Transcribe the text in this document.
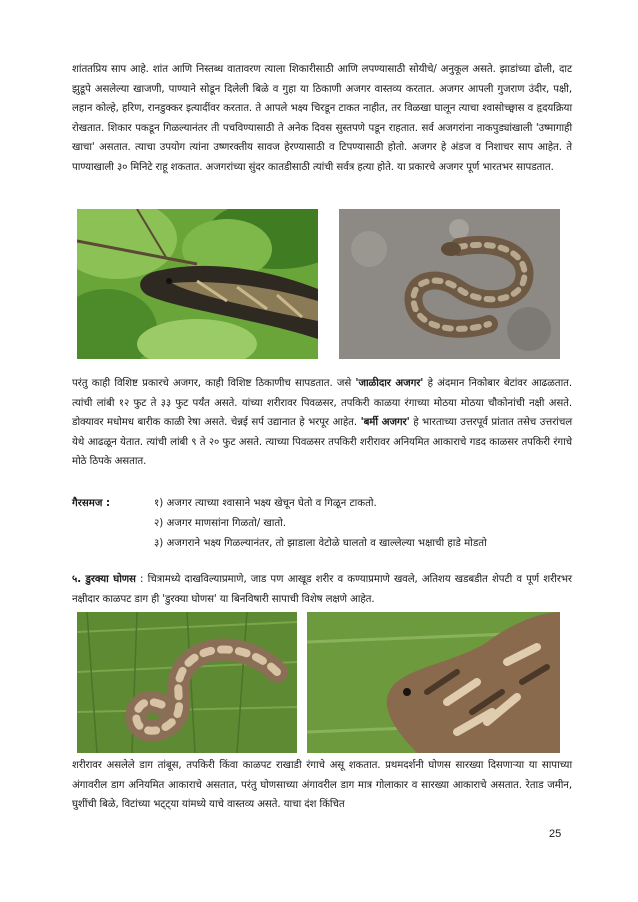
शांततप्रिय साप आहे. शांत आणि निस्तब्ध वातावरण त्याला शिकारीसाठी आणि लपण्यासाठी सोयीचे/ अनुकूल असते. झाडांच्या ढोली, दाट झुडूपे असलेल्या खाजणी, पाण्याने सोडून दिलेली बिळे व गुहा या ठिकाणी अजगर वास्तव्य करतात. अजगर आपली गुजराण उंदीर, पक्षी, लहान कोल्हे, हरिण, रानडुक्कर इत्यादींवर करतात. ते आपले भक्ष्य चिरडून टाकत नाहीत, तर विळखा घालून त्याचा श्वासोच्छ्वास व हृदयक्रिया रोखतात. शिकार पकडून गिळल्यानंतर ती पचविण्यासाठी ते अनेक दिवस सुस्तपणे पडून राहतात. सर्व अजगरांना नाकपुड्यांखाली 'उष्मागाही खाचा' असतात. त्याचा उपयोग त्यांना उष्णरक्तीय सावज हेरण्यासाठी व टिपण्यासाठी होतो. अजगर हे अंडज व निशाचर साप आहेत. ते पाण्याखाली ३० मिनिटे राहू शकतात. अजगरांच्या सुंदर कातडीसाठी त्यांची सर्वत्र हत्या होते. या प्रकारचे अजगर पूर्ण भारतभर सापडतात.
परंतु काही विशिष्ट प्रकारचे अजगर, काही विशिष्ट ठिकाणीच सापडतात. जसे 'जाळीदार अजगर' हे अंदमान निकोबार बेटांवर आढळतात. त्यांची लांबी १२ फुट ते ३३ फुट पर्यंत असते. यांच्या शरीरावर पिवळसर, तपकिरी काळया रंगाच्या मोठया मोठया चौकोनांची नक्षी असते. डोक्यावर मधोमध बारीक काळी रेषा असते. चेन्नई सर्प उद्यानात हे भरपूर आहेत. 'बर्मी अजगर' हे भारताच्या उत्तरपूर्व प्रांतात तसेच उत्तरांचल येथे आढळून येतात. त्यांची लांबी ९ ते २० फुट असते. त्याच्या पिवळसर तपकिरी शरीरावर अनियमित आकाराचे गडद काळसर तपकिरी रंगाचे मोठे ठिपके असतात.
गैरसमज :	१) अजगर त्याच्या श्वासाने भक्ष्य खेचून घेतो व गिळून टाकतो.
२) अजगर माणसांना गिळतो/ खातो.
३) अजगराने भक्ष्य गिळल्यानंतर, तो झाडाला वेटोळे घालतो व खाल्लेल्या भक्षाची हाडे मोडतो
५. डुरक्या घोणस : चित्रामध्ये दाखविल्याप्रमाणे, जाड पण आखूड शरीर व कण्याप्रमाणे खवले, अतिशय खडबडीत शेपटी व पूर्ण शरीरभर नक्षीदार काळपट डाग ही 'डुरक्या घोणस' या बिनविषारी सापाची विशेष लक्षणे आहेत.
शरीरावर असलेले डाग तांबूस, तपकिरी किंवा काळपट राखाडी रंगाचे असू शकतात. प्रथमदर्शनी घोणस सारख्या दिसणाऱ्या या सापाच्या अंगावरील डाग अनियमित आकाराचे असतात, परंतु घोणसाच्या अंगावरील डाग मात्र गोलाकार व सारख्या आकाराचे असतात. रेताड जमीन, घुशींची बिळे, विटांच्या भट्ट्या यांमध्ये याचे वास्तव्य असते. याचा दंश किंचित
25
